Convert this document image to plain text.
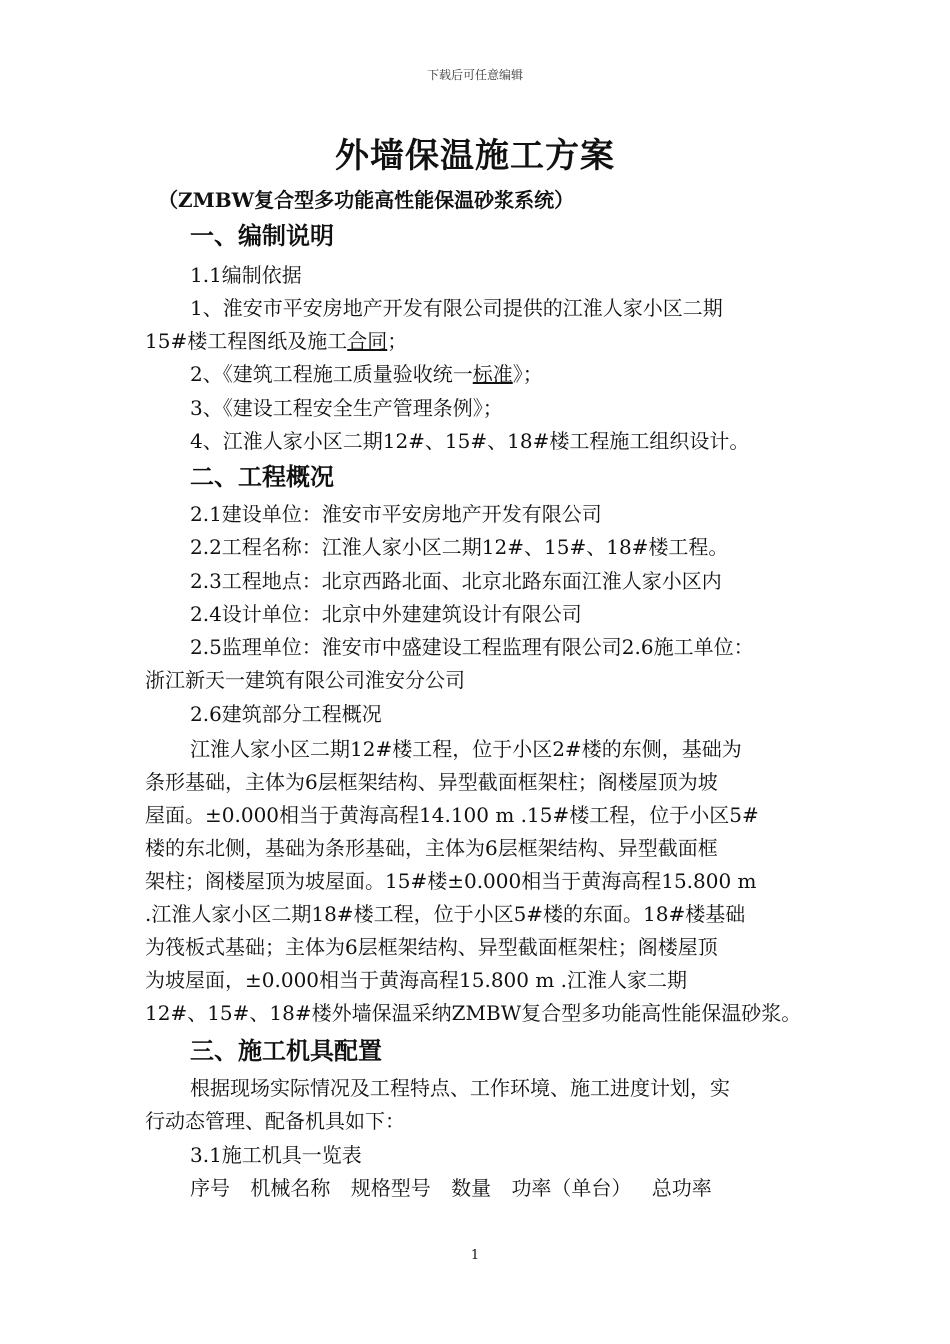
下载后可任意编辑
外墙保温施工方案
（ZMBW复合型多功能高性能保温砂浆系统）
一、编制说明
1.1编制依据
1、淮安市平安房地产开发有限公司提供的江淮人家小区二期
15#楼工程图纸及施工合同；
2、《建筑工程施工质量验收统一标准》；
3、《建设工程安全生产管理条例》；
4、江淮人家小区二期12#、15#、18#楼工程施工组织设计。
二、工程概况
2.1建设单位：淮安市平安房地产开发有限公司
2.2工程名称：江淮人家小区二期12#、15#、18#楼工程。
2.3工程地点：北京西路北面、北京北路东面江淮人家小区内
2.4设计单位：北京中外建建筑设计有限公司
2.5监理单位：淮安市中盛建设工程监理有限公司2.6施工单位：
浙江新天一建筑有限公司淮安分公司
2.6建筑部分工程概况
江淮人家小区二期12#楼工程，位于小区2#楼的东侧，基础为
条形基础，主体为6层框架结构、异型截面框架柱；阁楼屋顶为坡
屋面。±0.000相当于黄海高程14.100 m .15#楼工程，位于小区5#
楼的东北侧，基础为条形基础，主体为6层框架结构、异型截面框
架柱；阁楼屋顶为坡屋面。15#楼±0.000相当于黄海高程15.800 m
.江淮人家小区二期18#楼工程，位于小区5#楼的东面。18#楼基础
为筏板式基础；主体为6层框架结构、异型截面框架柱；阁楼屋顶
为坡屋面，±0.000相当于黄海高程15.800 m .江淮人家二期
12#、15#、18#楼外墙保温采纳ZMBW复合型多功能高性能保温砂浆。
三、施工机具配置
根据现场实际情况及工程特点、工作环境、施工进度计划，实
行动态管理、配备机具如下：
3.1施工机具一览表
序号 机械名称 规格型号 数量 功率（单台） 总功率
1
